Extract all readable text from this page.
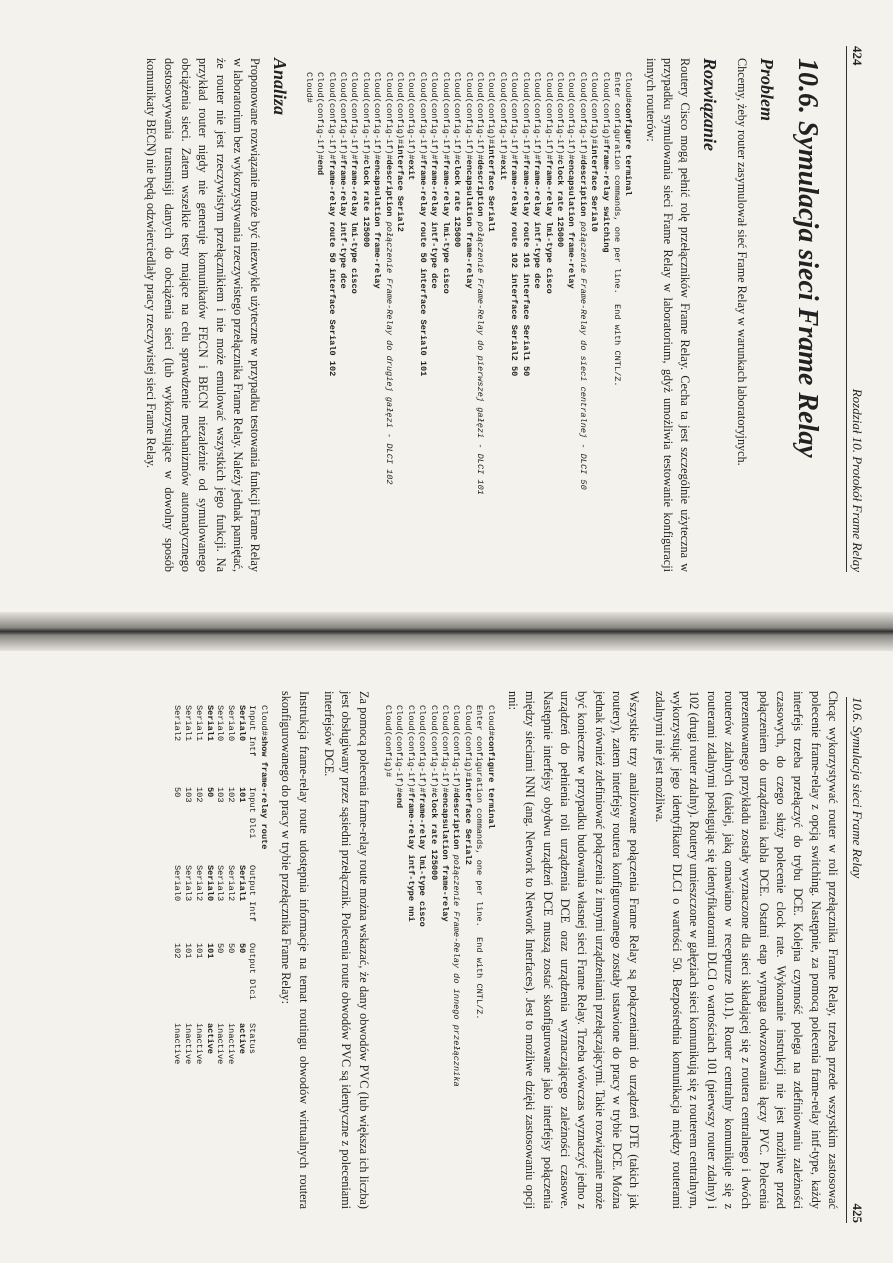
424
Rozdział 10. Protokół Frame Relay
10.6. Symulacja sieci Frame Relay
Problem

Chcemy, żeby router zasymulował sieć Frame Relay w warunkach laboratoryjnych.

Rozwiązanie

Routery Cisco mogą pełnić rolę przełączników Frame Relay. Cecha ta jest szczególnie użyteczna w przypadku symulowania sieci Frame Relay w laboratorium, gdyż umożliwia testowanie konfiguracji innych routerów:

Cloud#configure terminal
Enter configuration commands, one per line.  End with CNTL/Z.
Cloud(config)#frame-relay switching
Cloud(config)#interface Serial0
Cloud(config-if)#description połączenie Frame-Relay do sieci centralnej - DLCI 50
Cloud(config-if)#encapsulation frame-relay
Cloud(config-if)#clock rate 125000
Cloud(config-if)#frame-relay lmi-type cisco
Cloud(config-if)#frame-relay intf-type dce
Cloud(config-if)#frame-relay route 101 interface Serial1 50
Cloud(config-if)#frame-relay route 102 interface Serial2 50
Cloud(config-if)#exit
Cloud(config)#interface Serial1
Cloud(config-if)#description połączenie Frame-Relay do pierwszej gałęzi - DLCI 101
Cloud(config-if)#encapsulation frame-relay
Cloud(config-if)#clock rate 125000
Cloud(config-if)#frame-relay lmi-type cisco
Cloud(config-if)#frame-relay intf-type dce
Cloud(config-if)#frame-relay route 50 interface Serial0 101
Cloud(config-if)#exit
Cloud(config)#interface Serial2
Cloud(config-if)#description połączenie Frame-Relay do drugiej gałęzi - DLCI 102
Cloud(config-if)#encapsulation frame-relay
Cloud(config-if)#clock rate 125000
Cloud(config-if)#frame-relay lmi-type cisco
Cloud(config-if)#frame-relay intf-type dce
Cloud(config-if)#frame-relay route 50 interface Serial0 102
Cloud(config-if)#end
Cloud#
Analiza

Proponowane rozwiązanie może być niezwykle użyteczne w przypadku testowania funkcji Frame Relay w laboratorium bez wykorzystywania rzeczywistego przełącznika Frame Relay. Należy jednak pamiętać, że router nie jest rzeczywistym przełącznikiem i nie może emulować wszystkich jego funkcji. Na przykład router nigdy nie generuje komunikatów FECN i BECN niezależnie od symulowanego obciążenia sieci. Zatem wszelkie testy mające na celu sprawdzenie mechanizmów automatycznego dostosowywania transmisji danych do obciążenia sieci (lub wykorzystujące w dowolny sposób komunikaty BECN) nie będą odzwierciedlały pracy rzeczywistej sieci Frame Relay.

10.6. Symulacja sieci Frame Relay
425

Chcąc wykorzystywać router w roli przełącznika Frame Relay, trzeba przede wszystkim zastosować polecenie frame-relay z opcją switching. Następnie, za pomocą polecenia frame-relay intf-type, każdy interfejs trzeba przełączyć do trybu DCE. Kolejna czynność polega na zdefiniowaniu zależności czasowych, do czego służy polecenie clock rate. Wykonanie instrukcji nie jest możliwe przed połączeniem do urządzenia kabla DCE. Ostatni etap wymaga odwzorowania łączy PVC. Polecenia prezentowanego przykładu zostały wyznaczone dla sieci składającej się z routera centralnego i dwóch routerów zdalnych (takiej, jaką omawiano w recepturze 10.1). Router centralny komunikuje się z routerami zdalnymi posługując się identyfikatorami DLCI o wartościach 101 (pierwszy router zdalny) i 102 (drugi router zdalny). Routery umieszczone w gałęziach sieci komunikują się z routerem centralnym, wykorzystując jego identyfikator DLCI o wartości 50. Bezpośrednia komunikacja między routerami zdalnymi nie jest możliwa.

Wszystkie trzy analizowane połączenia Frame Relay są połączeniami do urządzeń DTE (takich jak routery), zatem interfejsy routera konfigurowanego zostały ustawione do pracy w trybie DCE. Można jednak również zdefiniować połączenia z innymi urządzeniami przełączającymi. Takie rozwiązanie może być konieczne w przypadku budowania własnej sieci Frame Relay. Trzeba wówczas wyznaczyć jedno z urządzeń do pełnienia roli urządzenia DCE oraz urządzenia wyznaczającego zależności czasowe. Następnie interfejsy obydwu urządzeń DCE muszą zostać skonfigurowane jako interfejsy połączenia między sieciami NNI (ang. Network to Network Interfaces). Jest to możliwe dzięki zastosowaniu opcji nni:

Cloud#configure terminal
Enter configuration commands, one per line.  End with CNTL/Z.
Cloud(config)#interface Serial2
Cloud(config-if)#description połączenie Frame-Relay do innego przełącznika
Cloud(config-if)#encapsulation frame-relay
Cloud(config-if)#clock rate 125000
Cloud(config-if)#frame-relay lmi-type cisco
Cloud(config-if)#frame-relay intf-type nni
Cloud(config-if)#end
Cloud(config)#

Za pomocą polecenia frame-relay route można wskazać, że dany obwodów PVC (lub większa ich liczba) jest obsługiwany przez sąsiedni przełącznik. Polecenia route obwodów PVC są identyczne z poleceniami interfejsów DCE.

Instrukcja frame-relay route udostępnia informacje na temat routingu obwodów wirtualnych routera skonfigurowanego do pracy w trybie przełącznika Frame Relay:

Cloud#show frame-relay route
Input Intf	Input Dlci	Output Intf	Output Dlci	Status
Serial0	101	Serial1	50	active
Serial0	102	Serial2	50	inactive
Serial0	103	Serial3	50	inactive
Serial1	50	Serial0	101	active
Serial1	102	Serial2	101	inactive
Serial1	103	Serial3	101	inactive
Serial2	50	Serial0	102	inactive
